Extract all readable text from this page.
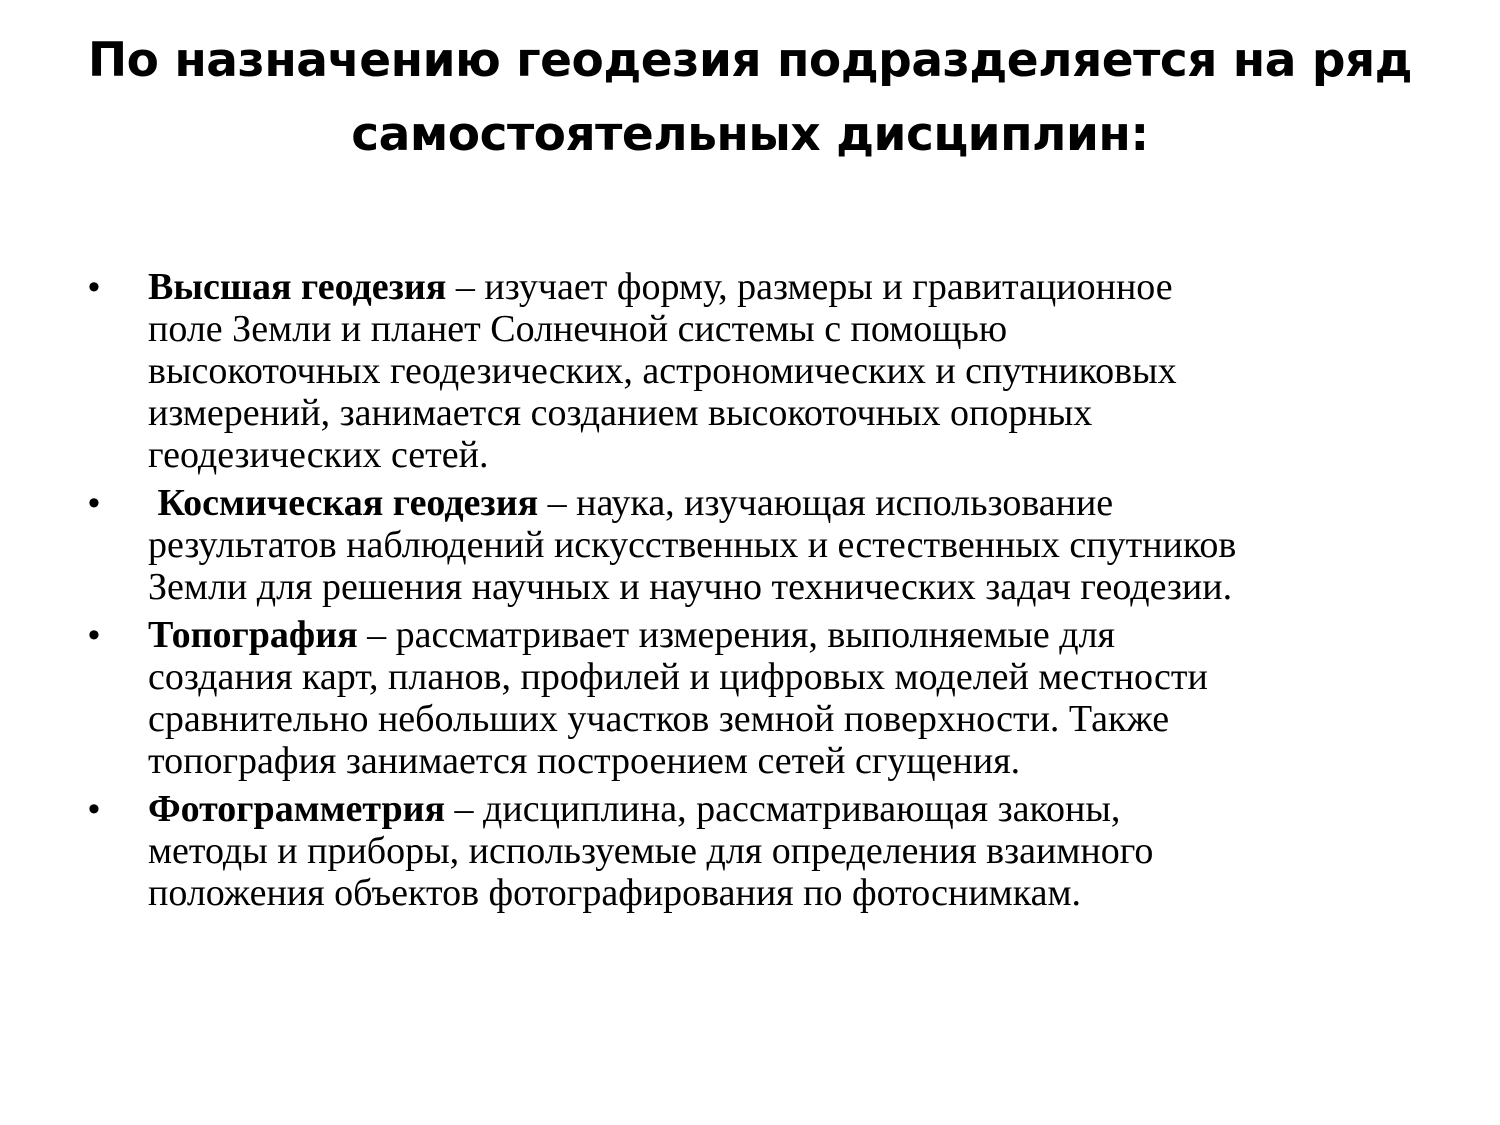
По назначению геодезия подразделяется на ряд
самостоятельных дисциплин:
• Высшая геодезия – изучает форму, размеры и гравитационное
поле Земли и планет Солнечной системы с помощью
высокоточных геодезических, астрономических и спутниковых
измерений, занимается созданием высокоточных опорных
геодезических сетей.
• Космическая геодезия – наука, изучающая использование
результатов наблюдений искусственных и естественных спутников
Земли для решения научных и научно технических задач геодезии.
• Топография – рассматривает измерения, выполняемые для
создания карт, планов, профилей и цифровых моделей местности
сравнительно небольших участков земной поверхности. Также
топография занимается построением сетей сгущения.
• Фотограмметрия – дисциплина, рассматривающая законы,
методы и приборы, используемые для определения взаимного
положения объектов фотографирования по фотоснимкам.
